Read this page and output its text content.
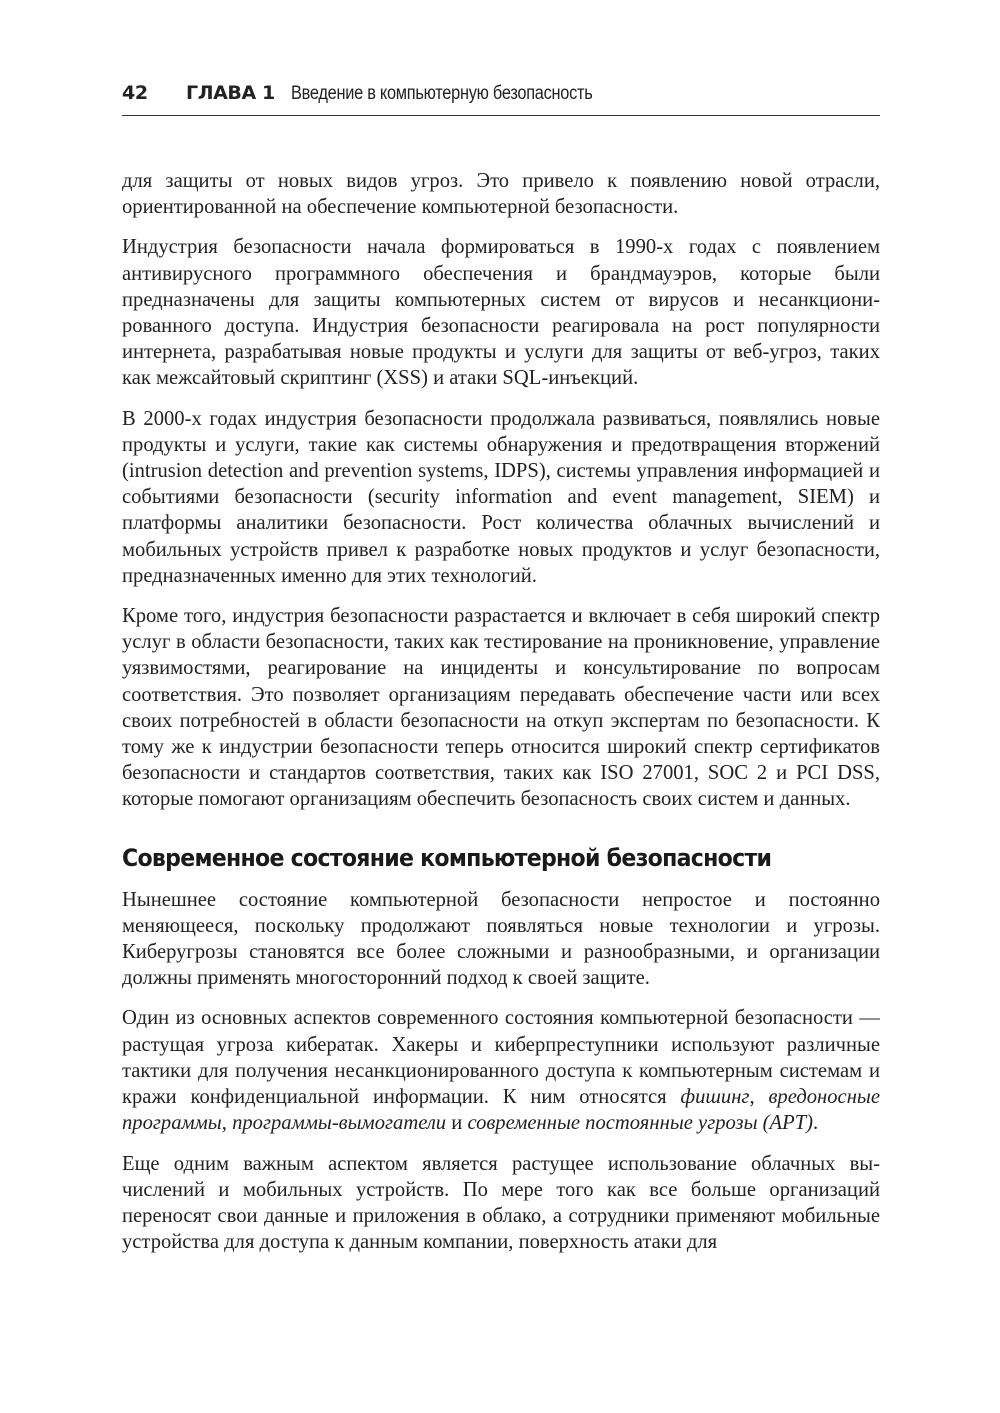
42 ГЛАВА 1 Введение в компьютерную безопасность

для защиты от новых видов угроз. Это привело к появлению новой отрасли, ориентированной на обеспечение компьютерной безопасности.

Индустрия безопасности начала формироваться в 1990-х годах с появлением антивирусного программного обеспечения и брандмауэров, которые были предназначены для защиты компьютерных систем от вирусов и несанкционированного доступа. Индустрия безопасности реагировала на рост популярности интернета, разрабатывая новые продукты и услуги для защиты от веб-угроз, таких как межсайтовый скриптинг (XSS) и атаки SQL-инъекций.

В 2000-х годах индустрия безопасности продолжала развиваться, появлялись новые продукты и услуги, такие как системы обнаружения и предотвращения вторжений (intrusion detection and prevention systems, IDPS), системы управления информацией и событиями безопасности (security information and event management, SIEM) и платформы аналитики безопасности. Рост количества облачных вычислений и мобильных устройств привел к разработке новых продуктов и услуг безопасности, предназначенных именно для этих технологий.

Кроме того, индустрия безопасности разрастается и включает в себя широкий спектр услуг в области безопасности, таких как тестирование на проникновение, управление уязвимостями, реагирование на инциденты и консультирование по вопросам соответствия. Это позволяет организациям передавать обеспечение части или всех своих потребностей в области безопасности на откуп экспертам по безопасности. К тому же к индустрии безопасности теперь относится широкий спектр сертификатов безопасности и стандартов соответствия, таких как ISO 27001, SOC 2 и PCI DSS, которые помогают организациям обеспечить безопасность своих систем и данных.

Современное состояние компьютерной безопасности

Нынешнее состояние компьютерной безопасности непростое и постоянно меняющееся, поскольку продолжают появляться новые технологии и угрозы. Киберугрозы становятся все более сложными и разнообразными, и организации должны применять многосторонний подход к своей защите.

Один из основных аспектов современного состояния компьютерной безопасности — растущая угроза кибератак. Хакеры и киберпреступники используют различные тактики для получения несанкционированного доступа к компьютерным системам и кражи конфиденциальной информации. К ним относятся фишинг, вредоносные программы, программы-вымогатели и современные постоянные угрозы (APT).

Еще одним важным аспектом является растущее использование облачных вычислений и мобильных устройств. По мере того как все больше организаций переносят свои данные и приложения в облако, а сотрудники применяют мобильные устройства для доступа к данным компании, поверхность атаки для
